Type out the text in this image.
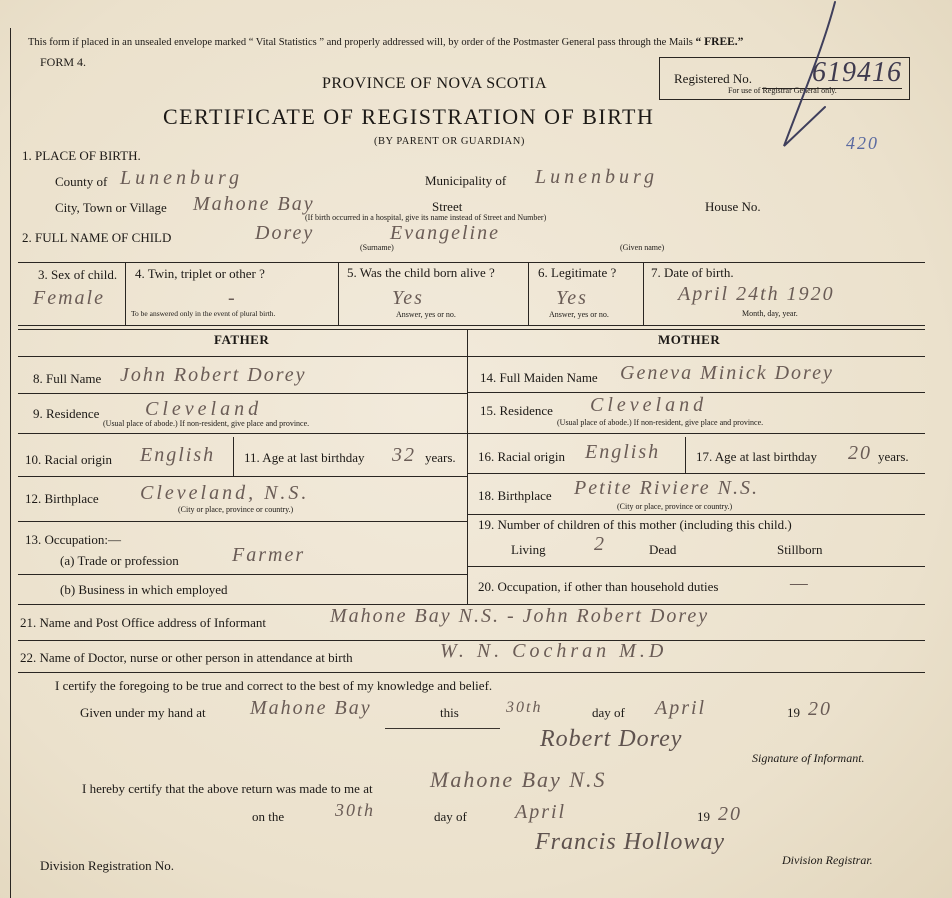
This form if placed in an unsealed envelope marked “ Vital Statistics ” and properly addressed will, by order of the Postmaster General pass through the Mails “ FREE.”
FORM 4.
PROVINCE OF NOVA SCOTIA	Registered No. 619416
For use of Registrar General only.
CERTIFICATE OF REGISTRATION OF BIRTH
(BY PARENT OR GUARDIAN)	420
1. PLACE OF BIRTH.
County of Lunenburg	Municipality of Lunenburg
City, Town or Village Mahone Bay	Street	House No.
(If birth occurred in a hospital, give its name instead of Street and Number)
2. FULL NAME OF CHILD	Dorey	Evangeline
(Surname)	(Given name)
3. Sex of child.
Female
4. Twin, triplet or other ?
-
To be answered only in the event of plural birth.
5. Was the child born alive ?
Yes
Answer, yes or no.
6. Legitimate ?
Yes
Answer, yes or no.
7. Date of birth.
April 24th 1920
Month, day, year.
FATHER	MOTHER
8. Full Name John Robert Dorey
9. Residence Cleveland
(Usual place of abode.) If non-resident, give place and province.
10. Racial origin English 11. Age at last birthday 32 years.
12. Birthplace Cleveland, N.S.
(City or place, province or country.)
13. Occupation:—
(a) Trade or profession	Farmer
(b) Business in which employed
14. Full Maiden Name Geneva Minick Dorey
15. Residence Cleveland
(Usual place of abode.) If non-resident, give place and province.
16. Racial origin English	17. Age at last birthday 20 years.
18. Birthplace Petite Riviere N.S.
(City or place, province or country.)
19. Number of children of this mother (including this child.)
Living 2	Dead	Stillborn
20. Occupation, if other than household duties	—
21. Name and Post Office address of Informant	Mahone Bay N.S. - John Robert Dorey
22. Name of Doctor, nurse or other person in attendance at birth	W. N. Cochran M.D
I certify the foregoing to be true and correct to the best of my knowledge and belief.
Given under my hand at Mahone Bay	this	30th	day of April	19 20
Robert Dorey
Signature of Informant.
I hereby certify that the above return was made to me at	Mahone Bay N.S
on the	30th	day of April	19 20
Francis Holloway
Division Registration No.	Division Registrar.
